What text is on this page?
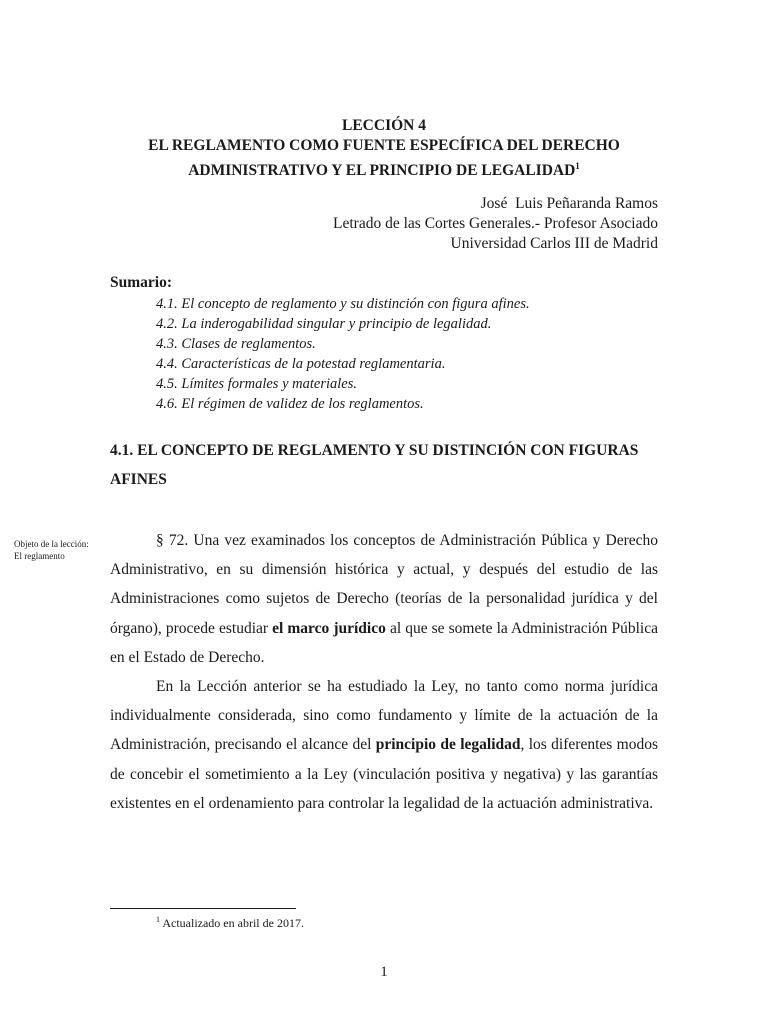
LECCIÓN 4
EL REGLAMENTO COMO FUENTE ESPECÍFICA DEL DERECHO
ADMINISTRATIVO Y EL PRINCIPIO DE LEGALIDAD$^1$
José  Luis Peñaranda Ramos
Letrado de las Cortes Generales.- Profesor Asociado
Universidad Carlos III de Madrid
Sumario:
4.1. El concepto de reglamento y su distinción con figura afines.
4.2. La inderogabilidad singular y principio de legalidad.
4.3. Clases de reglamentos.
4.4. Características de la potestad reglamentaria.
4.5. Límites formales y materiales.
4.6. El régimen de validez de los reglamentos.
4.1. EL CONCEPTO DE REGLAMENTO Y SU DISTINCIÓN CON FIGURAS AFINES
Objeto de la lección: El reglamento

§ 72. Una vez examinados los conceptos de Administración Pública y Derecho Administrativo, en su dimensión histórica y actual, y después del estudio de las Administraciones como sujetos de Derecho (teorías de la personalidad jurídica y del órgano), procede estudiar el marco jurídico al que se somete la Administración Pública en el Estado de Derecho.

En la Lección anterior se ha estudiado la Ley, no tanto como norma jurídica individualmente considerada, sino como fundamento y límite de la actuación de la Administración, precisando el alcance del principio de legalidad, los diferentes modos de concebir el sometimiento a la Ley (vinculación positiva y negativa) y las garantías existentes en el ordenamiento para controlar la legalidad de la actuación administrativa.

$^1$ Actualizado en abril de 2017.
1
